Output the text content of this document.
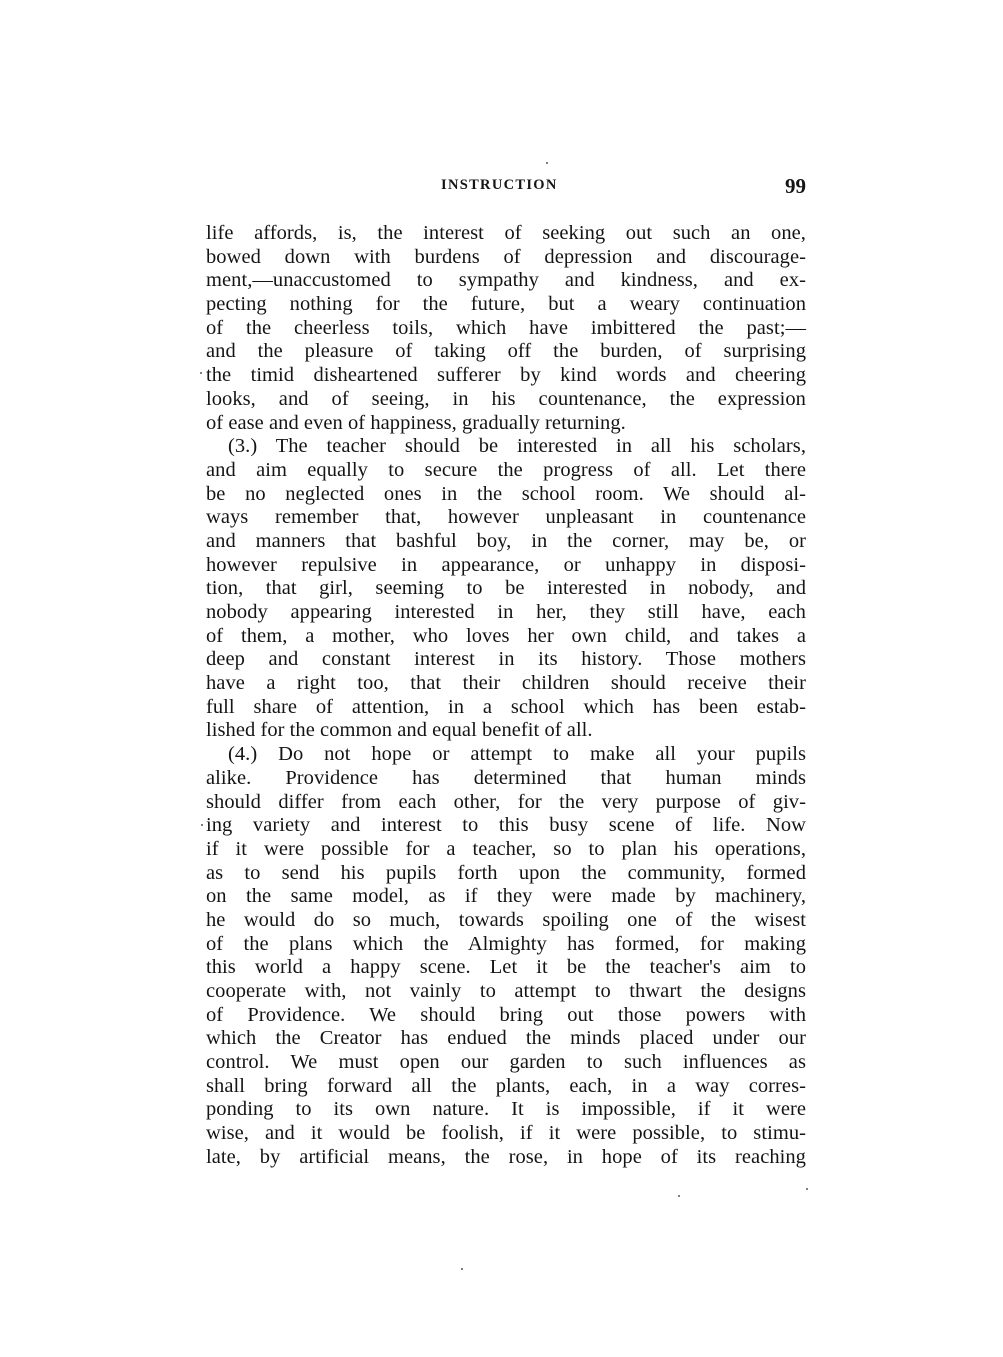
INSTRUCTION	99
life affords, is, the interest of seeking out such an one,
bowed down with burdens of depression and discourage-
ment,—unaccustomed to sympathy and kindness, and ex-
pecting nothing for the future, but a weary continuation
of the cheerless toils, which have imbittered the past;—
and the pleasure of taking off the burden, of surprising
the timid disheartened sufferer by kind words and cheering
looks, and of seeing, in his countenance, the expression
of ease and even of happiness, gradually returning.
(3.) The teacher should be interested in all his scholars,
and aim equally to secure the progress of all. Let there
be no neglected ones in the school room. We should al-
ways remember that, however unpleasant in countenance
and manners that bashful boy, in the corner, may be, or
however repulsive in appearance, or unhappy in disposi-
tion, that girl, seeming to be interested in nobody, and
nobody appearing interested in her, they still have, each
of them, a mother, who loves her own child, and takes a
deep and constant interest in its history. Those mothers
have a right too, that their children should receive their
full share of attention, in a school which has been estab-
lished for the common and equal benefit of all.
(4.) Do not hope or attempt to make all your pupils
alike. Providence has determined that human minds
should differ from each other, for the very purpose of giv-
ing variety and interest to this busy scene of life. Now
if it were possible for a teacher, so to plan his operations,
as to send his pupils forth upon the community, formed
on the same model, as if they were made by machinery,
he would do so much, towards spoiling one of the wisest
of the plans which the Almighty has formed, for making
this world a happy scene. Let it be the teacher's aim to
cooperate with, not vainly to attempt to thwart the designs
of Providence. We should bring out those powers with
which the Creator has endued the minds placed under our
control. We must open our garden to such influences as
shall bring forward all the plants, each, in a way corres-
ponding to its own nature. It is impossible, if it were
wise, and it would be foolish, if it were possible, to stimu-
late, by artificial means, the rose, in hope of its reaching
